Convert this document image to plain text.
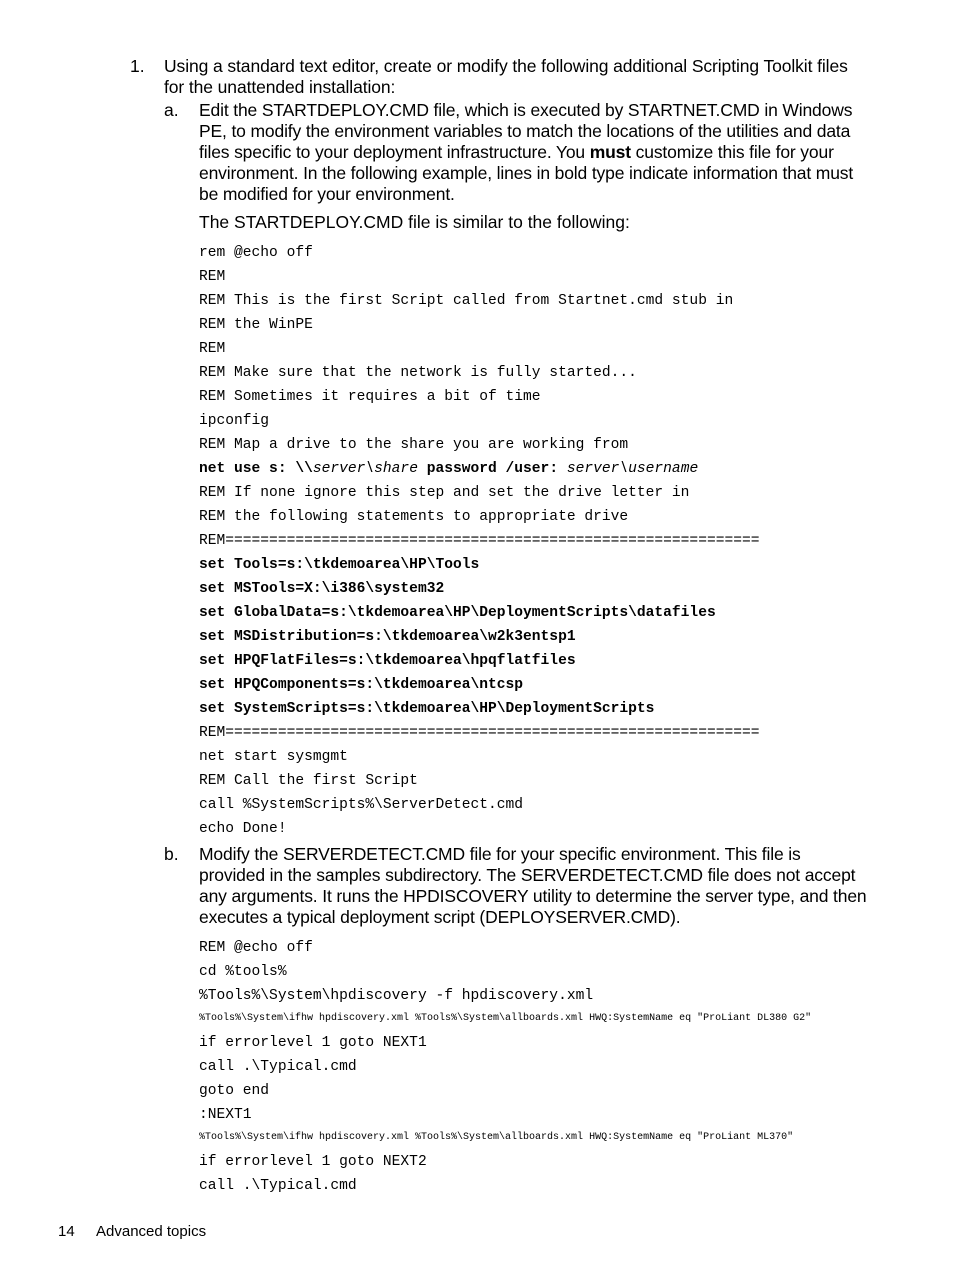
1. Using a standard text editor, create or modify the following additional Scripting Toolkit files for the unattended installation:
a. Edit the STARTDEPLOY.CMD file, which is executed by STARTNET.CMD in Windows PE, to modify the environment variables to match the locations of the utilities and data files specific to your deployment infrastructure. You must customize this file for your environment. In the following example, lines in bold type indicate information that must be modified for your environment.
The STARTDEPLOY.CMD file is similar to the following:
rem @echo off
REM
REM This is the first Script called from Startnet.cmd stub in
REM the WinPE
REM
REM Make sure that the network is fully started...
REM Sometimes it requires a bit of time
ipconfig
REM Map a drive to the share you are working from
net use s: \\server\share password /user: server\username
REM If none ignore this step and set the drive letter in
REM the following statements to appropriate drive
REM=============================================================
set Tools=s:\tkdemoarea\HP\Tools
set MSTools=X:\i386\system32
set GlobalData=s:\tkdemoarea\HP\DeploymentScripts\datafiles
set MSDistribution=s:\tkdemoarea\w2k3entsp1
set HPQFlatFiles=s:\tkdemoarea\hpqflatfiles
set HPQComponents=s:\tkdemoarea\ntcsp
set SystemScripts=s:\tkdemoarea\HP\DeploymentScripts
REM=============================================================
net start sysmgmt
REM Call the first Script
call %SystemScripts%\ServerDetect.cmd
echo Done!
b. Modify the SERVERDETECT.CMD file for your specific environment. This file is provided in the samples subdirectory. The SERVERDETECT.CMD file does not accept any arguments. It runs the HPDISCOVERY utility to determine the server type, and then executes a typical deployment script (DEPLOYSERVER.CMD).
REM @echo off
cd %tools%
%Tools%\System\hpdiscovery -f hpdiscovery.xml
%Tools%\System\ifhw hpdiscovery.xml %Tools%\System\allboards.xml HWQ:SystemName eq "ProLiant DL380 G2"
if errorlevel 1 goto NEXT1
call .\Typical.cmd
goto end
:NEXT1
%Tools%\System\ifhw hpdiscovery.xml %Tools%\System\allboards.xml HWQ:SystemName eq "ProLiant ML370"
if errorlevel 1 goto NEXT2
call .\Typical.cmd
14 Advanced topics
